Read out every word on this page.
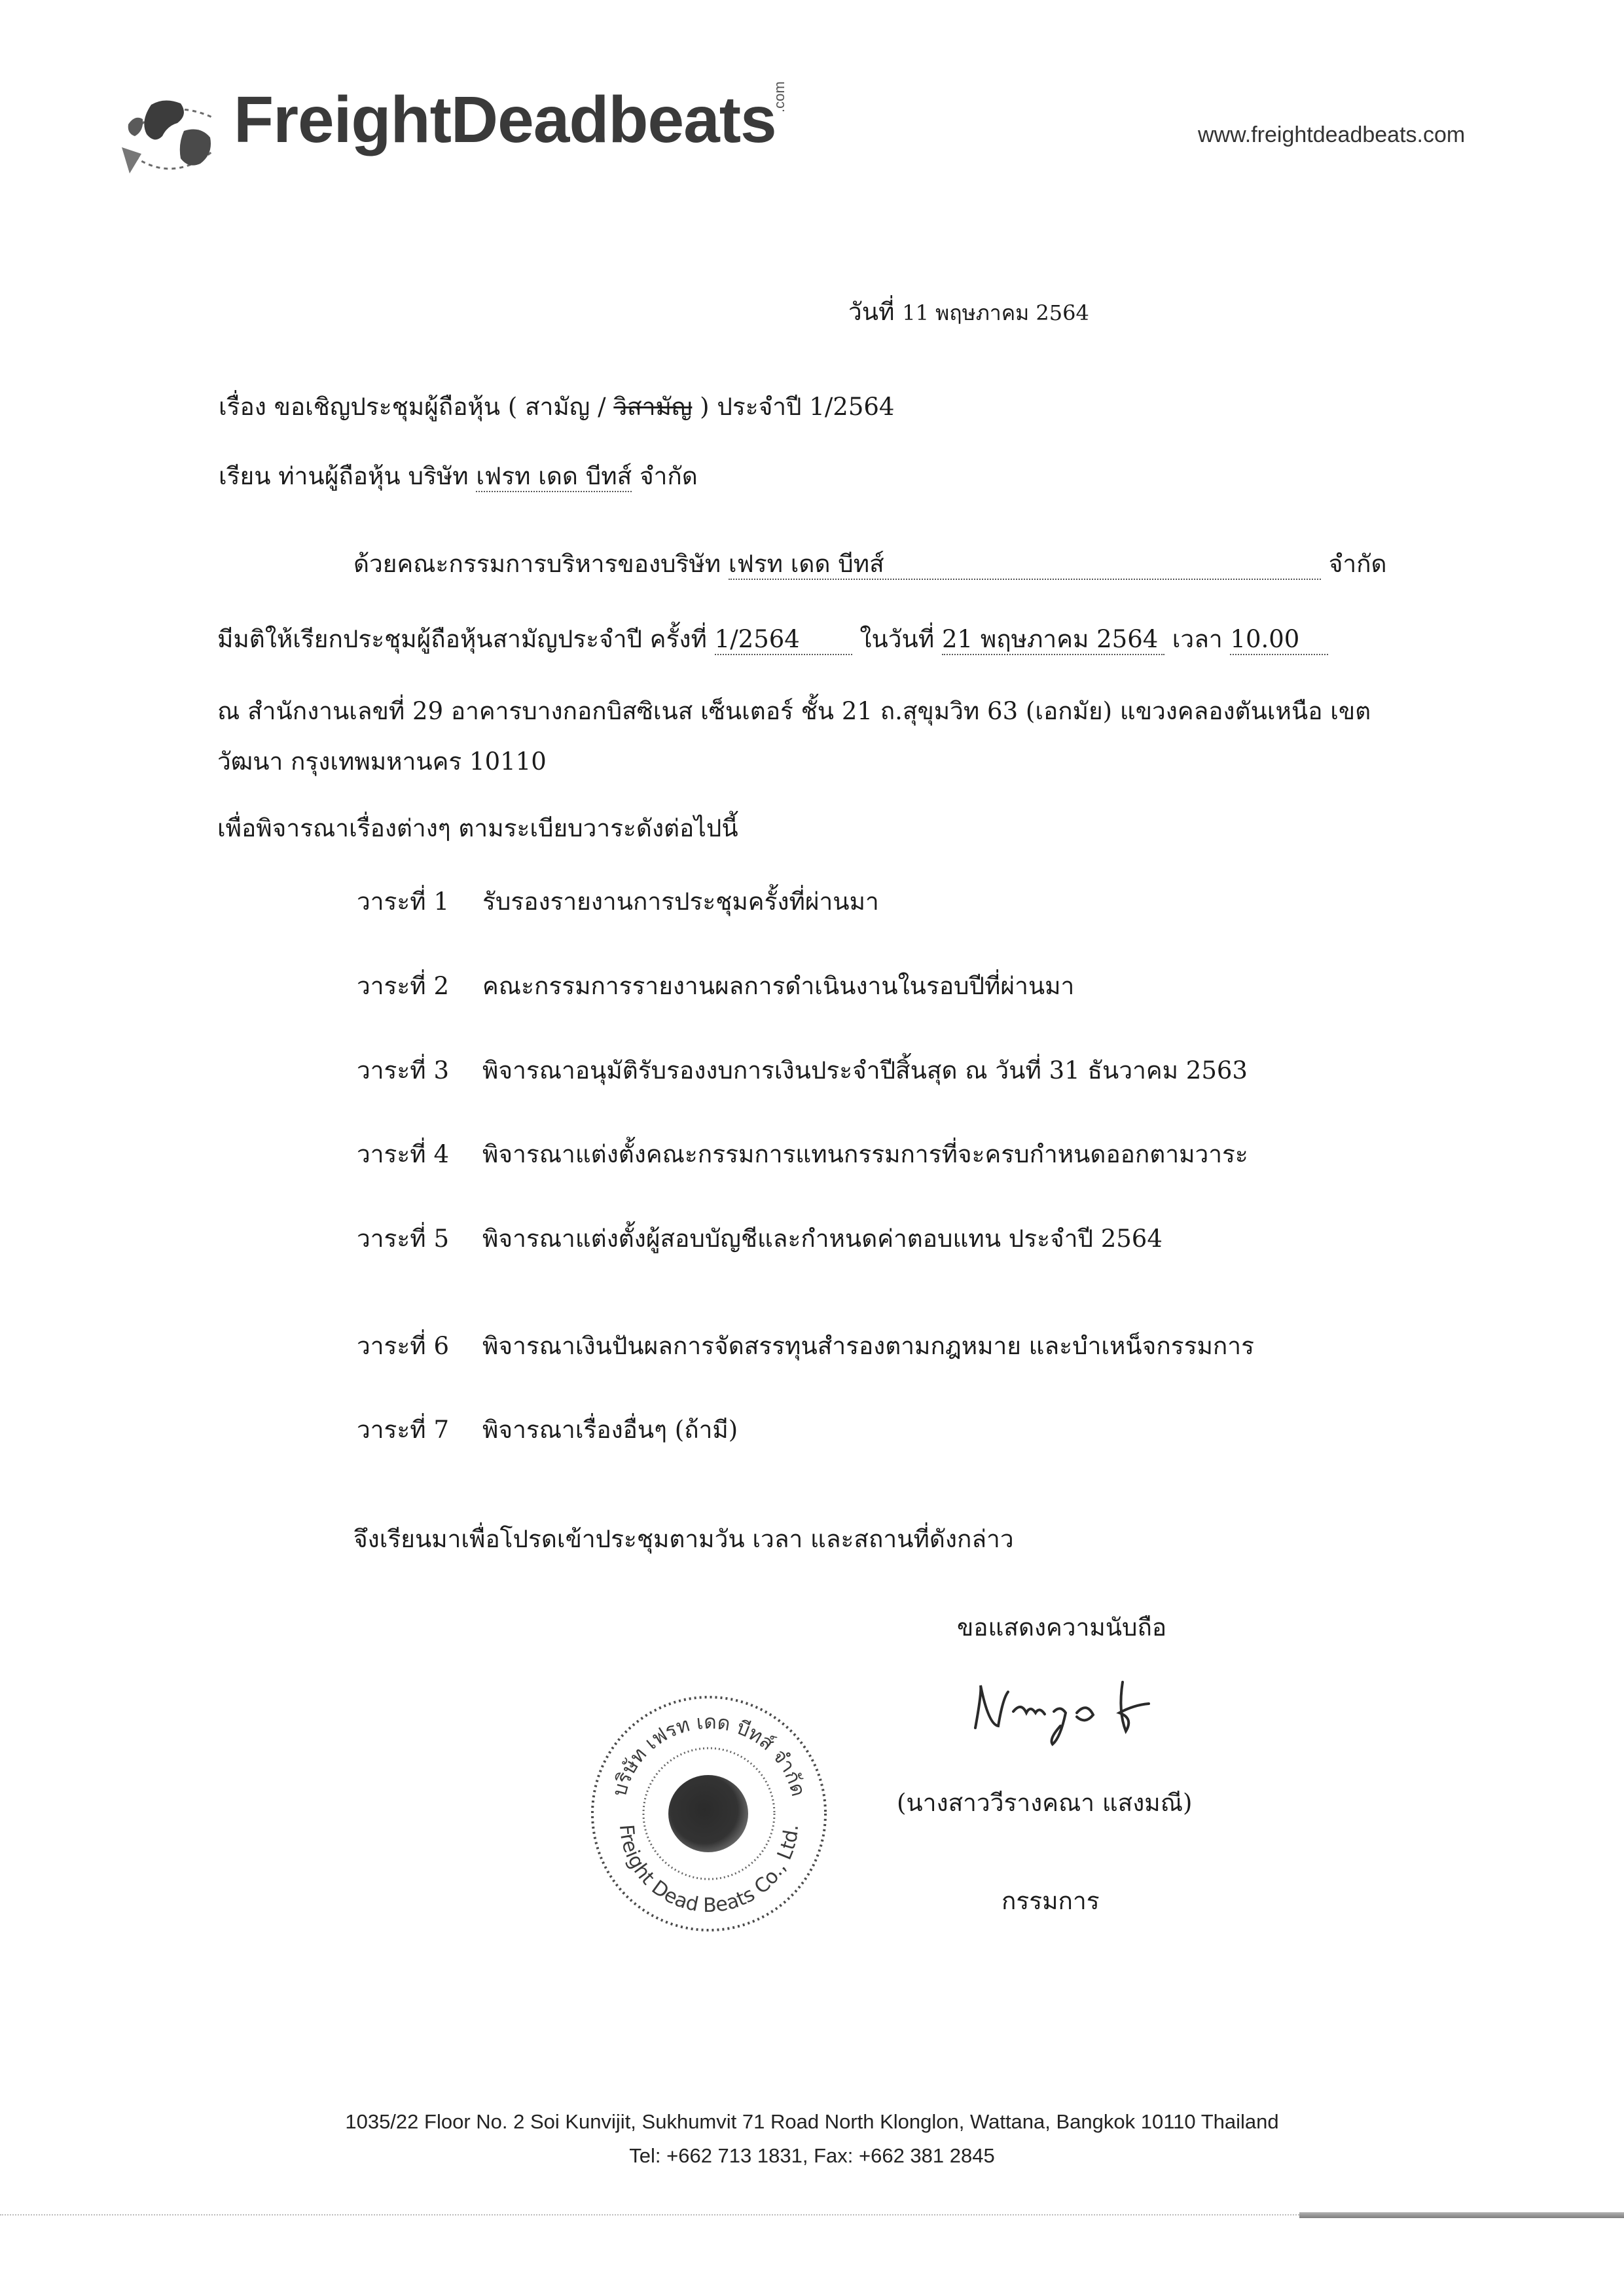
FreightDeadbeats
.com
www.freightdeadbeats.com
วันที่ 11 พฤษภาคม 2564
เรื่อง ขอเชิญประชุมผู้ถือหุ้น ( สามัญ / วิสามัญ ) ประจำปี 1/2564
เรียน ท่านผู้ถือหุ้น บริษัท เฟรท เดด บีทส์ จำกัด
ด้วยคณะกรรมการบริหารของบริษัท เฟรท เดด บีทส์	จำกัด
มีมติให้เรียกประชุมผู้ถือหุ้นสามัญประจำปี ครั้งที่ 1/2564 ในวันที่ 21 พฤษภาคม 2564 เวลา 10.00
ณ สำนักงานเลขที่ 29 อาคารบางกอกบิสซิเนส เซ็นเตอร์ ชั้น 21 ถ.สุขุมวิท 63 (เอกมัย) แขวงคลองตันเหนือ เขต
วัฒนา กรุงเทพมหานคร 10110
เพื่อพิจารณาเรื่องต่างๆ ตามระเบียบวาระดังต่อไปนี้
วาระที่ 1	รับรองรายงานการประชุมครั้งที่ผ่านมา
วาระที่ 2	คณะกรรมการรายงานผลการดำเนินงานในรอบปีที่ผ่านมา
วาระที่ 3	พิจารณาอนุมัติรับรองงบการเงินประจำปีสิ้นสุด ณ วันที่ 31 ธันวาคม 2563
วาระที่ 4	พิจารณาแต่งตั้งคณะกรรมการแทนกรรมการที่จะครบกำหนดออกตามวาระ
วาระที่ 5	พิจารณาแต่งตั้งผู้สอบบัญชีและกำหนดค่าตอบแทน ประจำปี 2564
วาระที่ 6	พิจารณาเงินปันผลการจัดสรรทุนสำรองตามกฎหมาย และบำเหน็จกรรมการ
วาระที่ 7	พิจารณาเรื่องอื่นๆ (ถ้ามี)
จึงเรียนมาเพื่อโปรดเข้าประชุมตามวัน เวลา และสถานที่ดังกล่าว
ขอแสดงความนับถือ
(นางสาววีรางคณา แสงมณี)
กรรมการ
บริษัท เฟรท เดด บีทส์ จำกัด
Freight Dead Beats Co., Ltd.
1035/22 Floor No. 2 Soi Kunvijit, Sukhumvit 71 Road North Klonglon, Wattana, Bangkok 10110 Thailand
Tel: +662 713 1831, Fax: +662 381 2845
